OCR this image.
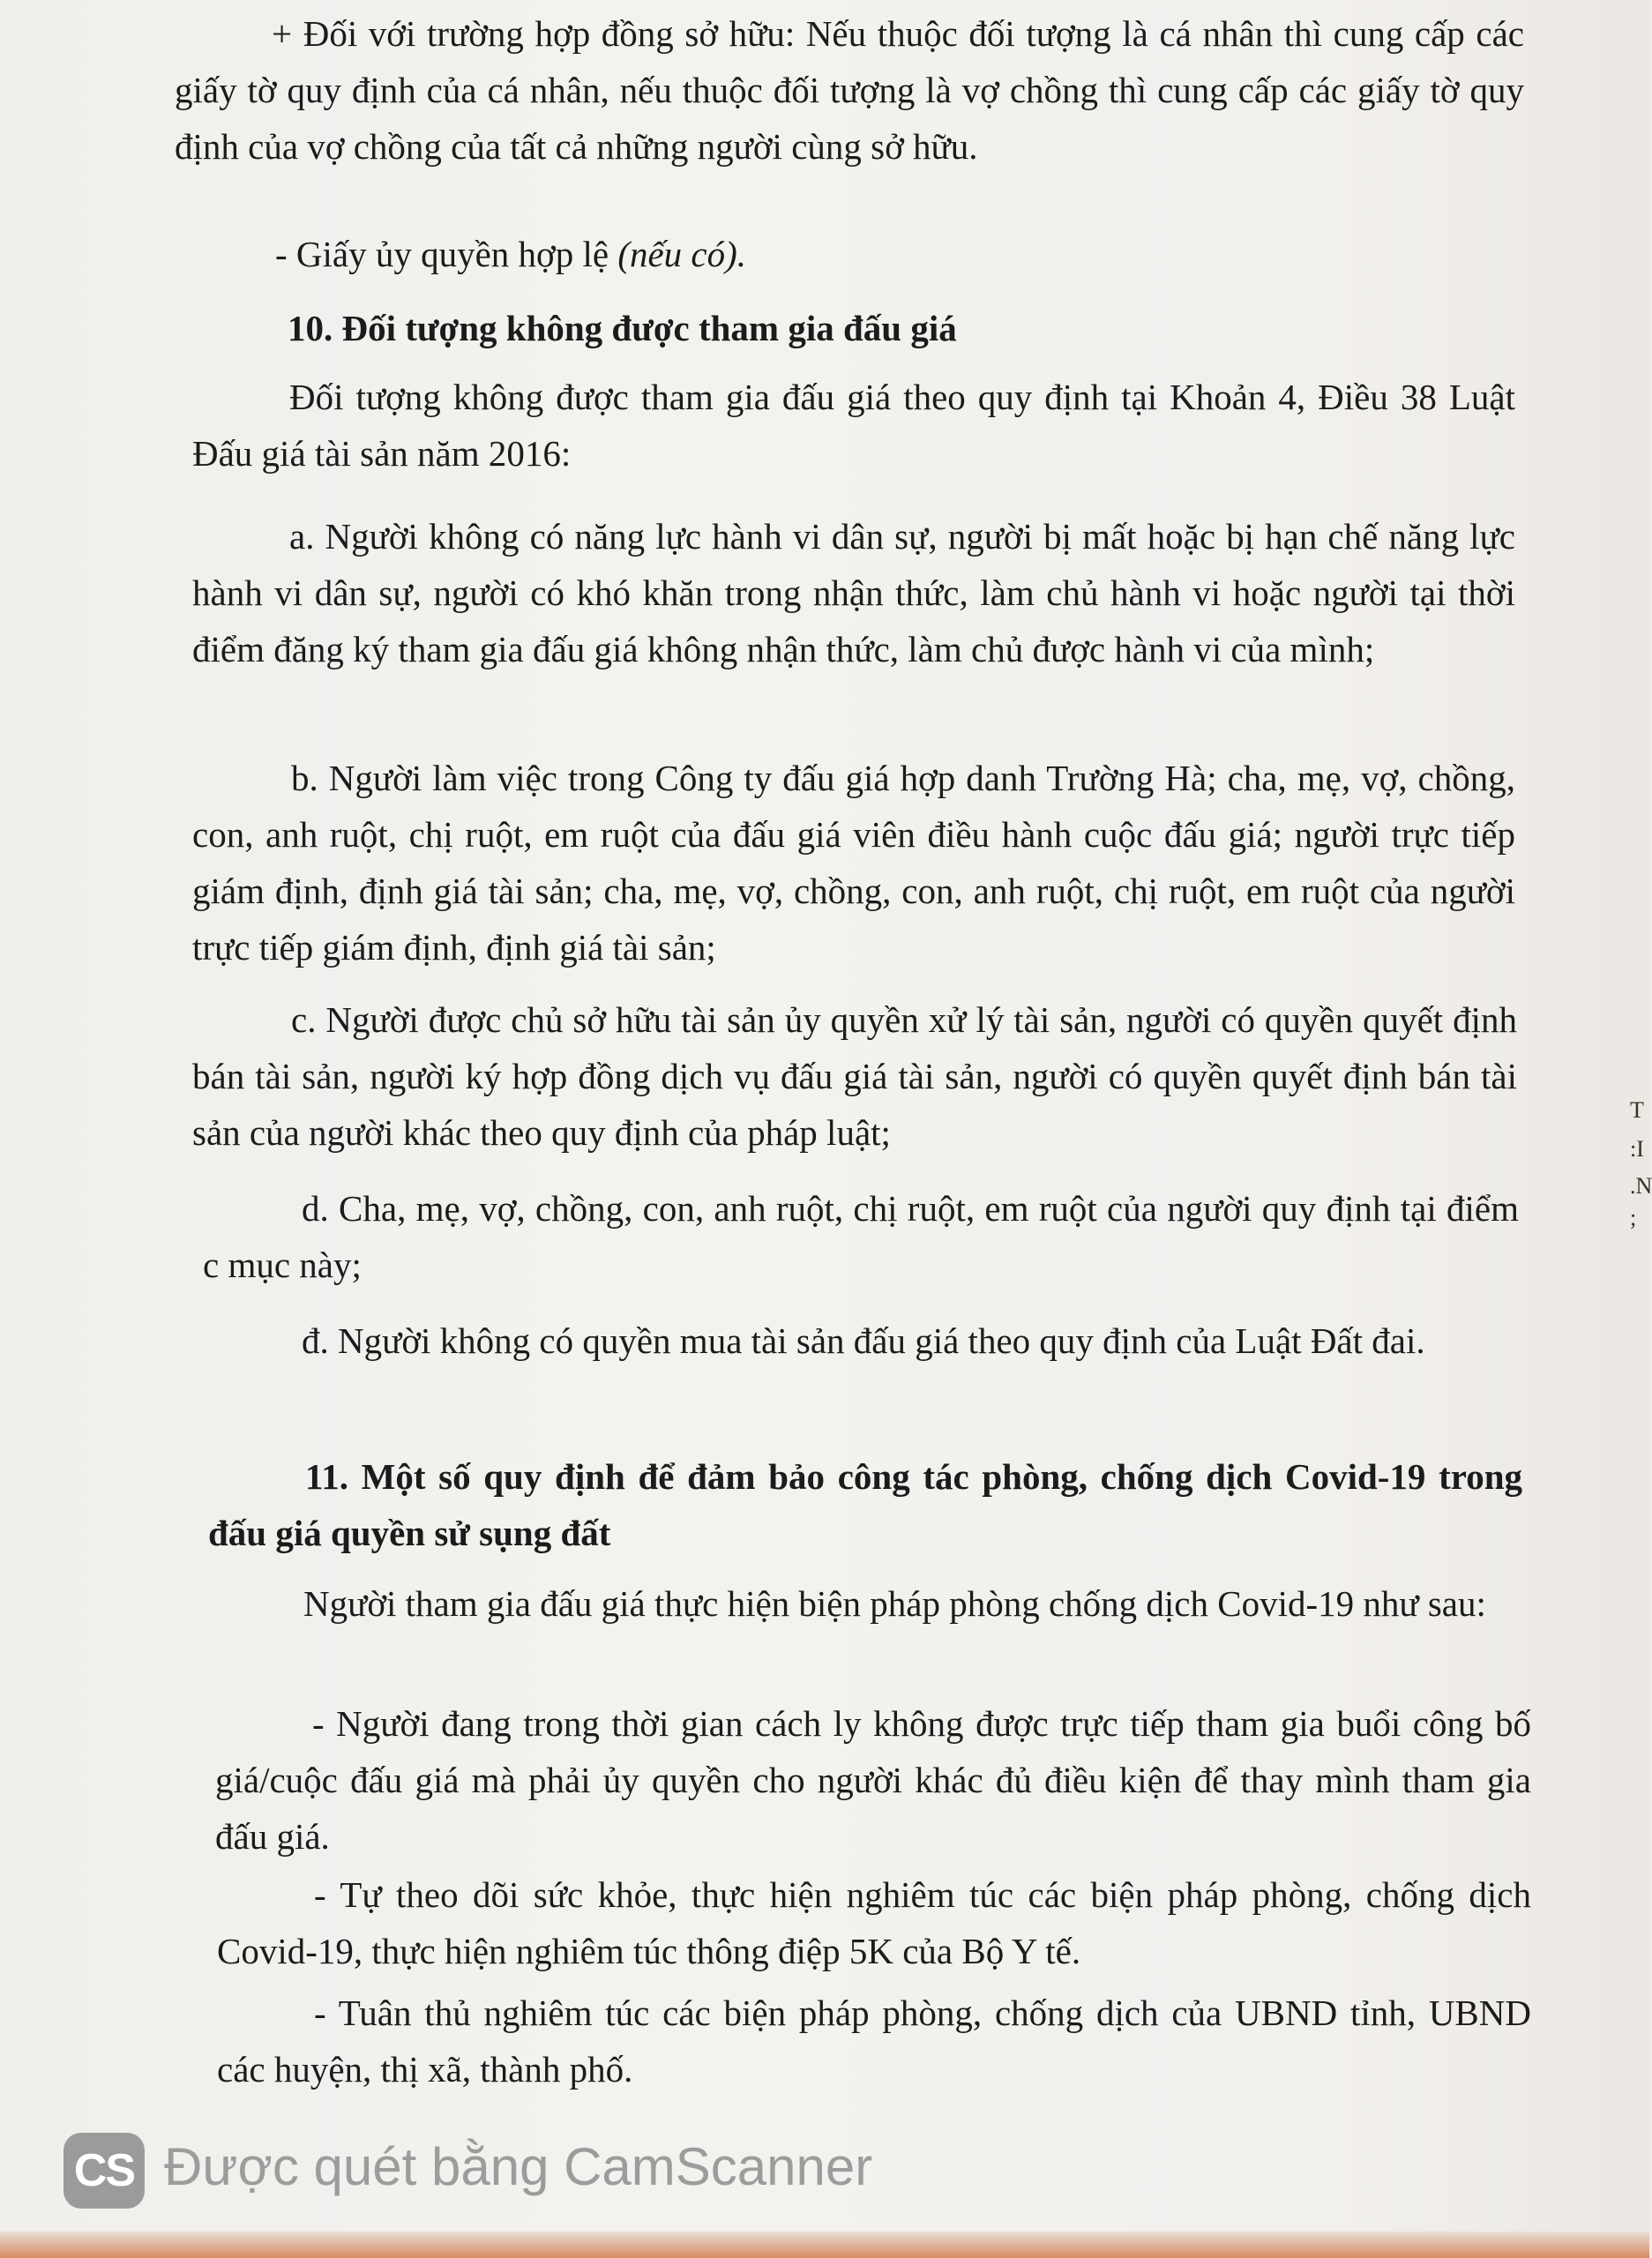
+ Đối với trường hợp đồng sở hữu: Nếu thuộc đối tượng là cá nhân thì cung cấp các giấy tờ quy định của cá nhân, nếu thuộc đối tượng là vợ chồng thì cung cấp các giấy tờ quy định của vợ chồng của tất cả những người cùng sở hữu.

- Giấy ủy quyền hợp lệ (nếu có).

10. Đối tượng không được tham gia đấu giá

Đối tượng không được tham gia đấu giá theo quy định tại Khoản 4, Điều 38 Luật Đấu giá tài sản năm 2016:

a. Người không có năng lực hành vi dân sự, người bị mất hoặc bị hạn chế năng lực hành vi dân sự, người có khó khăn trong nhận thức, làm chủ hành vi hoặc người tại thời điểm đăng ký tham gia đấu giá không nhận thức, làm chủ được hành vi của mình;

b. Người làm việc trong Công ty đấu giá hợp danh Trường Hà; cha, mẹ, vợ, chồng, con, anh ruột, chị ruột, em ruột của đấu giá viên điều hành cuộc đấu giá; người trực tiếp giám định, định giá tài sản; cha, mẹ, vợ, chồng, con, anh ruột, chị ruột, em ruột của người trực tiếp giám định, định giá tài sản;

c. Người được chủ sở hữu tài sản ủy quyền xử lý tài sản, người có quyền quyết định bán tài sản, người ký hợp đồng dịch vụ đấu giá tài sản, người có quyền quyết định bán tài sản của người khác theo quy định của pháp luật;

d. Cha, mẹ, vợ, chồng, con, anh ruột, chị ruột, em ruột của người quy định tại điểm c mục này;

đ. Người không có quyền mua tài sản đấu giá theo quy định của Luật Đất đai.

11. Một số quy định để đảm bảo công tác phòng, chống dịch Covid-19 trong đấu giá quyền sử sụng đất

Người tham gia đấu giá thực hiện biện pháp phòng chống dịch Covid-19 như sau:

- Người đang trong thời gian cách ly không được trực tiếp tham gia buổi công bố giá/cuộc đấu giá mà phải ủy quyền cho người khác đủ điều kiện để thay mình tham gia đấu giá.

- Tự theo dõi sức khỏe, thực hiện nghiêm túc các biện pháp phòng, chống dịch Covid-19, thực hiện nghiêm túc thông điệp 5K của Bộ Y tế.

- Tuân thủ nghiêm túc các biện pháp phòng, chống dịch của UBND tỉnh, UBND các huyện, thị xã, thành phố.

T
:I
.N
;
CS Được quét bằng CamScanner
